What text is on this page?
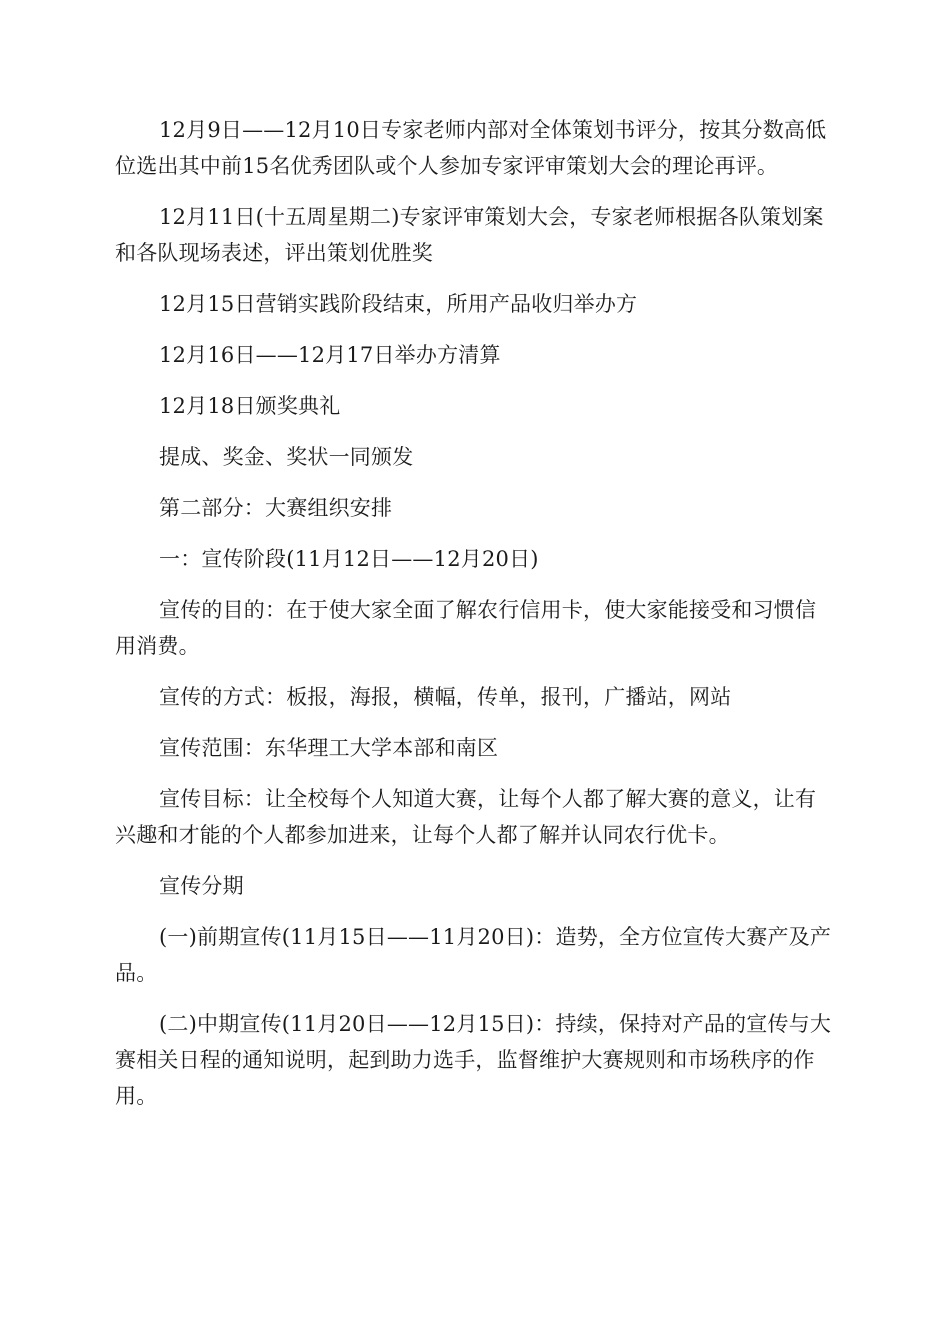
12月9日——12月10日专家老师内部对全体策划书评分，按其分数高低位选出其中前15名优秀团队或个人参加专家评审策划大会的理论再评。

12月11日(十五周星期二)专家评审策划大会，专家老师根据各队策划案和各队现场表述，评出策划优胜奖

12月15日营销实践阶段结束，所用产品收归举办方

12月16日——12月17日举办方清算

12月18日颁奖典礼

提成、奖金、奖状一同颁发

第二部分：大赛组织安排

一：宣传阶段(11月12日——12月20日)

宣传的目的：在于使大家全面了解农行信用卡，使大家能接受和习惯信用消费。

宣传的方式：板报，海报，横幅，传单，报刊，广播站，网站

宣传范围：东华理工大学本部和南区

宣传目标：让全校每个人知道大赛，让每个人都了解大赛的意义，让有兴趣和才能的个人都参加进来，让每个人都了解并认同农行优卡。

宣传分期

(一)前期宣传(11月15日——11月20日)：造势，全方位宣传大赛产及产品。

(二)中期宣传(11月20日——12月15日)：持续，保持对产品的宣传与大赛相关日程的通知说明，起到助力选手，监督维护大赛规则和市场秩序的作用。
